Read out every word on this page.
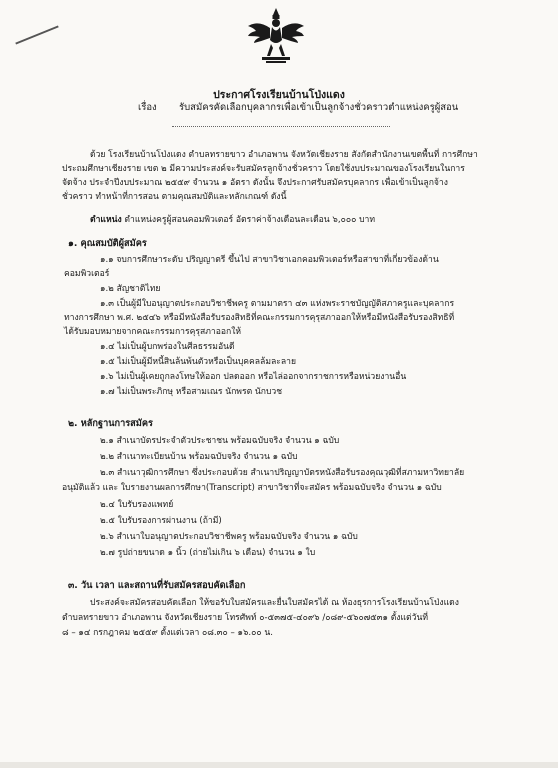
ประกาศโรงเรียนบ้านโป่งแดง
เรื่อง รับสมัครคัดเลือกบุคลากรเพื่อเข้าเป็นลูกจ้างชั่วคราวตำแหน่งครูผู้สอน
ด้วย โรงเรียนบ้านโป่งแดง ตำบลทรายขาว อำเภอพาน จังหวัดเชียงราย สังกัดสำนักงานเขตพื้นที่ การศึกษา
ประถมศึกษาเชียงราย เขต ๒ มีความประสงค์จะรับสมัครลูกจ้างชั่วคราว โดยใช้งบประมาณของโรงเรียนในการ
จัดจ้าง ประจำปีงบประมาณ ๒๕๕๙ จำนวน ๑ อัตรา ดังนั้น จึงประกาศรับสมัครบุคลากร เพื่อเข้าเป็นลูกจ้าง
ชั่วคราว ทำหน้าที่การสอน ตามคุณสมบัติและหลักเกณฑ์ ดังนี้
ตำแหน่ง ตำแหน่งครูผู้สอนคอมพิวเตอร์ อัตราค่าจ้างเดือนละเดือน ๖,๐๐๐ บาท
๑. คุณสมบัติผู้สมัคร
๑.๑ จบการศึกษาระดับ ปริญญาตรี ขึ้นไป สาขาวิชาเอกคอมพิวเตอร์หรือสาขาที่เกี่ยวข้องด้าน
คอมพิวเตอร์
๑.๒ สัญชาติไทย
๑.๓ เป็นผู้มีใบอนุญาตประกอบวิชาชีพครู ตามมาตรา ๔๓ แห่งพระราชบัญญัติสภาครูและบุคลากร
ทางการศึกษา พ.ศ. ๒๕๔๖ หรือมีหนังสือรับรองสิทธิที่คณะกรรมการคุรุสภาออกให้หรือมีหนังสือรับรองสิทธิที่
ได้รับมอบหมายจากคณะกรรมการคุรุสภาออกให้
๑.๔ ไม่เป็นผู้บกพร่องในศีลธรรมอันดี
๑.๕ ไม่เป็นผู้มีหนี้สินล้นพ้นตัวหรือเป็นบุคคลล้มละลาย
๑.๖ ไม่เป็นผู้เคยถูกลงโทษให้ออก ปลดออก หรือไล่ออกจากราชการหรือหน่วยงานอื่น
๑.๗ ไม่เป็นพระภิกษุ หรือสามเณร นักพรต นักบวช
๒. หลักฐานการสมัคร
๒.๑ สำเนาบัตรประจำตัวประชาชน พร้อมฉบับจริง จำนวน ๑ ฉบับ
๒.๒ สำเนาทะเบียนบ้าน พร้อมฉบับจริง จำนวน ๑ ฉบับ
๒.๓ สำเนาวุฒิการศึกษา ซึ่งประกอบด้วย สำเนาปริญญาบัตรหนังสือรับรองคุณวุฒิที่สภามหาวิทยาลัย
อนุมัติแล้ว และ ใบรายงานผลการศึกษา(Transcript) สาขาวิชาที่จะสมัคร พร้อมฉบับจริง จำนวน ๑ ฉบับ
๒.๔ ใบรับรองแพทย์
๒.๕ ใบรับรองการผ่านงาน (ถ้ามี)
๒.๖ สำเนาใบอนุญาตประกอบวิชาชีพครู พร้อมฉบับจริง จำนวน ๑ ฉบับ
๒.๗ รูปถ่ายขนาด ๑ นิ้ว (ถ่ายไม่เกิน ๖ เดือน) จำนวน ๑ ใบ
๓. วัน เวลา และสถานที่รับสมัครสอบคัดเลือก
ประสงค์จะสมัครสอบคัดเลือก ให้ขอรับใบสมัครและยื่นใบสมัครได้ ณ ห้องธุรการโรงเรียนบ้านโป่งแดง
ตำบลทรายขาว อำเภอพาน จังหวัดเชียงราย โทรศัพท์ ๐-๕๓๗๕-๔๐๙๖ /๐๘๙-๕๖๐๗๕๓๑ ตั้งแต่วันที่
๘ – ๑๔ กรกฎาคม ๒๕๕๙ ตั้งแต่เวลา ๐๘.๓๐ – ๑๖.๐๐ น.
